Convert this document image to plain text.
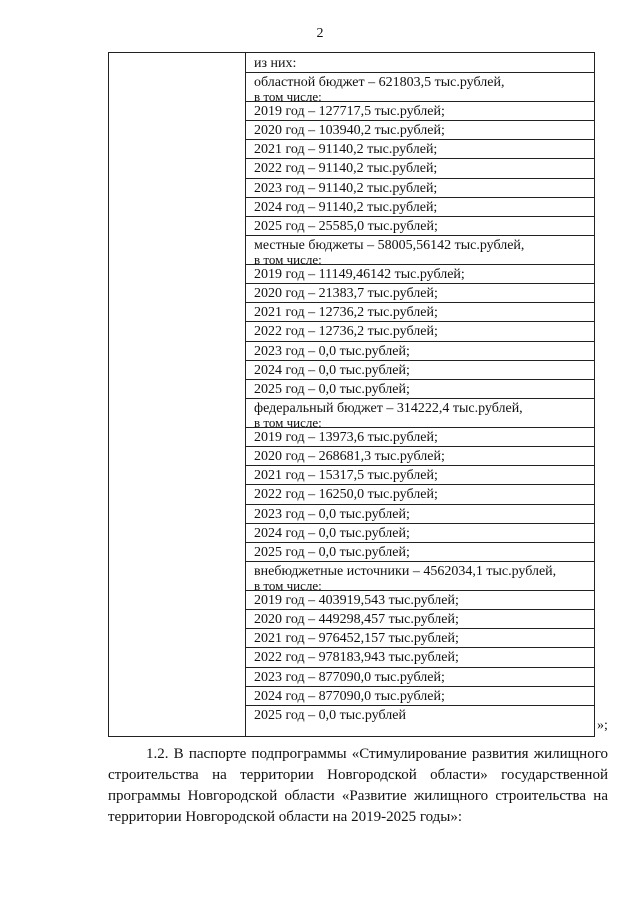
2
из них:
областной бюджет – 621803,5 тыс.рублей,
в том числе:
2019 год – 127717,5 тыс.рублей;
2020 год – 103940,2 тыс.рублей;
2021 год – 91140,2 тыс.рублей;
2022 год – 91140,2 тыс.рублей;
2023 год – 91140,2 тыс.рублей;
2024 год – 91140,2 тыс.рублей;
2025 год – 25585,0 тыс.рублей;
местные бюджеты – 58005,56142 тыс.рублей,
в том числе:
2019 год – 11149,46142 тыс.рублей;
2020 год – 21383,7 тыс.рублей;
2021 год – 12736,2 тыс.рублей;
2022 год – 12736,2 тыс.рублей;
2023 год – 0,0 тыс.рублей;
2024 год – 0,0 тыс.рублей;
2025 год – 0,0 тыс.рублей;
федеральный бюджет – 314222,4 тыс.рублей,
в том числе:
2019 год – 13973,6 тыс.рублей;
2020 год – 268681,3 тыс.рублей;
2021 год – 15317,5 тыс.рублей;
2022 год – 16250,0 тыс.рублей;
2023 год – 0,0 тыс.рублей;
2024 год – 0,0 тыс.рублей;
2025 год – 0,0 тыс.рублей;
внебюджетные источники – 4562034,1 тыс.рублей,
в том числе:
2019 год – 403919,543 тыс.рублей;
2020 год – 449298,457 тыс.рублей;
2021 год – 976452,157 тыс.рублей;
2022 год – 978183,943 тыс.рублей;
2023 год – 877090,0 тыс.рублей;
2024 год – 877090,0 тыс.рублей;
2025 год – 0,0 тыс.рублей
»;
1.2. В паспорте подпрограммы «Стимулирование развития жилищного строительства на территории Новгородской области» государственной программы Новгородской области «Развитие жилищного строительства на территории Новгородской области на 2019-2025 годы»:
